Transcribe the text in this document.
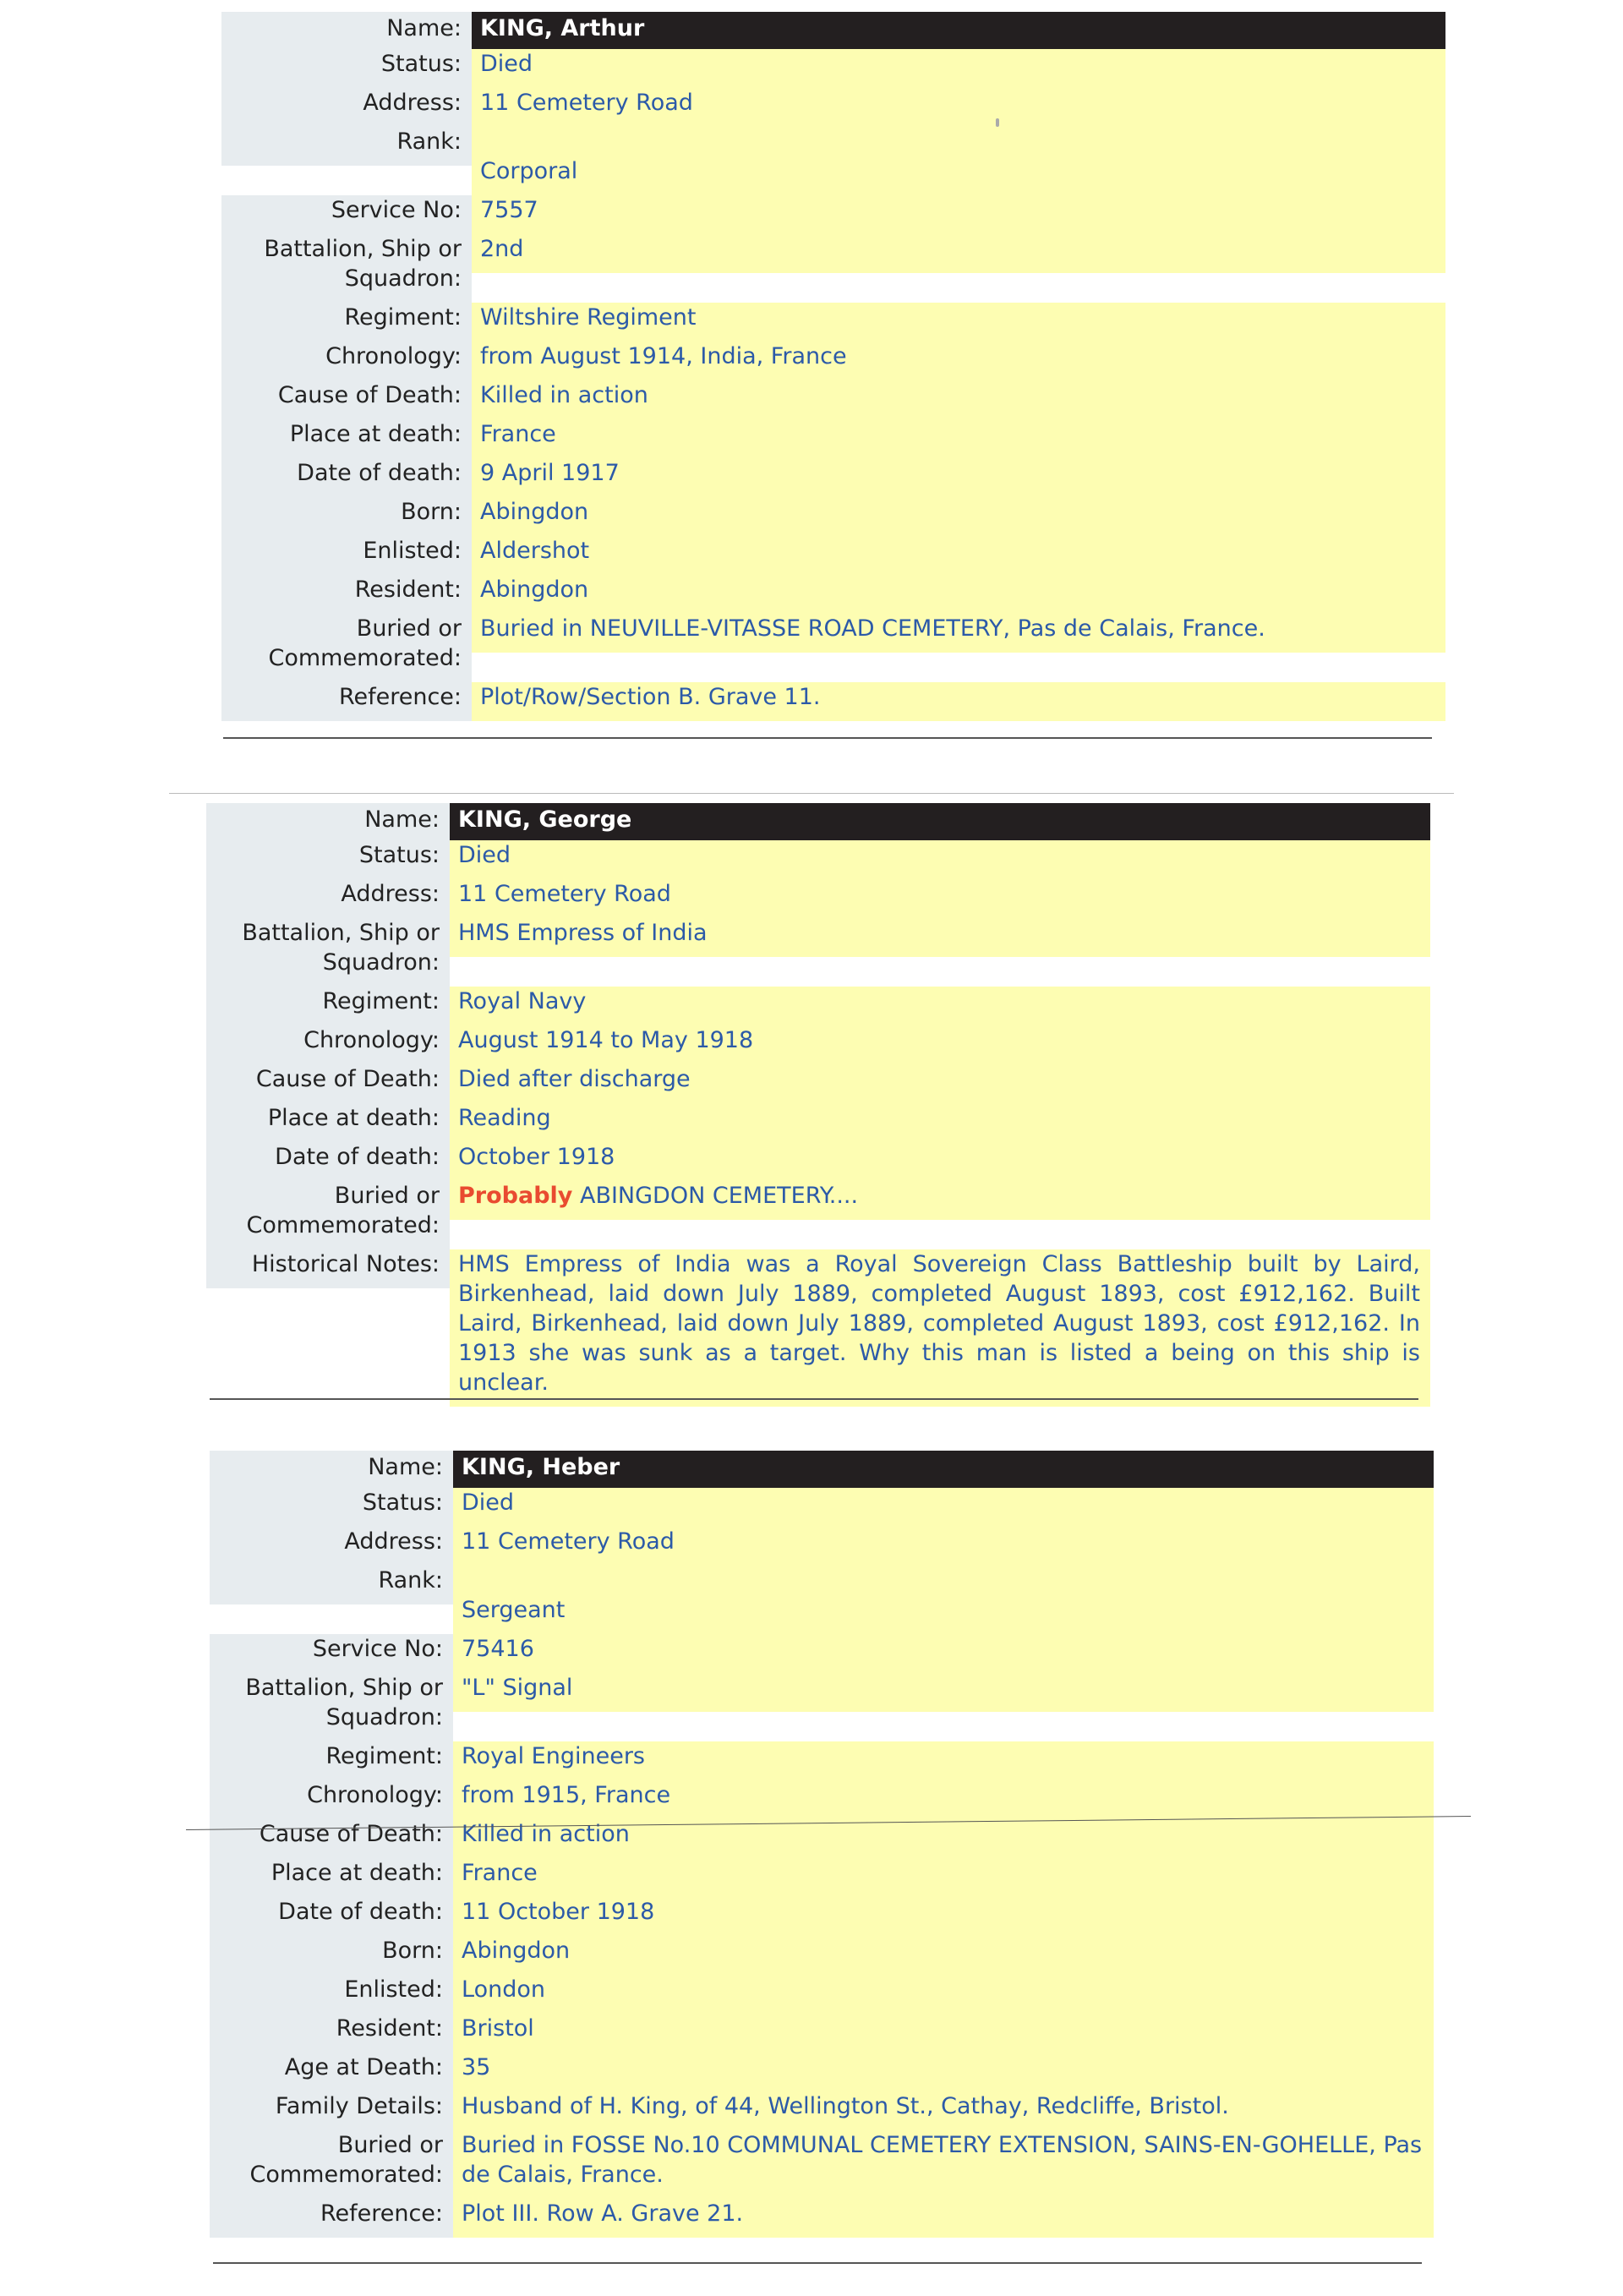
Name: KING, Arthur
Status: Died
Address: 11 Cemetery Road
Rank:

Corporal
Service No: 7557
Battalion, Ship or
Squadron:
2nd
Regiment: Wiltshire Regiment
Chronology: from August 1914, India, France
Cause of Death: Killed in action
Place at death: France
Date of death: 9 April 1917
Born: Abingdon
Enlisted: Aldershot
Resident: Abingdon
Buried or
Commemorated:
Buried in NEUVILLE-VITASSE ROAD CEMETERY, Pas de Calais, France.
Reference: Plot/Row/Section B. Grave 11.
Name: KING, George
Status: Died
Address: 11 Cemetery Road
Battalion, Ship or
Squadron:
HMS Empress of India
Regiment: Royal Navy
Chronology: August 1914 to May 1918
Cause of Death: Died after discharge
Place at death: Reading
Date of death: October 1918
Buried or
Commemorated:
Probably ABINGDON CEMETERY....
Historical Notes: HMS Empress of India was a Royal Sovereign Class Battleship built by Laird, Birkenhead, laid down July 1889, completed August 1893, cost £912,162. Built Laird, Birkenhead, laid down July 1889, completed August 1893, cost £912,162. In 1913 she was sunk as a target. Why this man is listed a being on this ship is unclear.
Name: KING, Heber
Status: Died
Address: 11 Cemetery Road
Rank:

Sergeant
Service No: 75416
Battalion, Ship or
Squadron:
"L" Signal
Regiment: Royal Engineers
Chronology: from 1915, France
Cause of Death: Killed in action
Place at death: France
Date of death: 11 October 1918
Born: Abingdon
Enlisted: London
Resident: Bristol
Age at Death: 35
Family Details: Husband of H. King, of 44, Wellington St., Cathay, Redcliffe, Bristol.
Buried or
Commemorated:
Buried in FOSSE No.10 COMMUNAL CEMETERY EXTENSION, SAINS-EN-GOHELLE, Pas de Calais, France.
Reference: Plot III. Row A. Grave 21.
